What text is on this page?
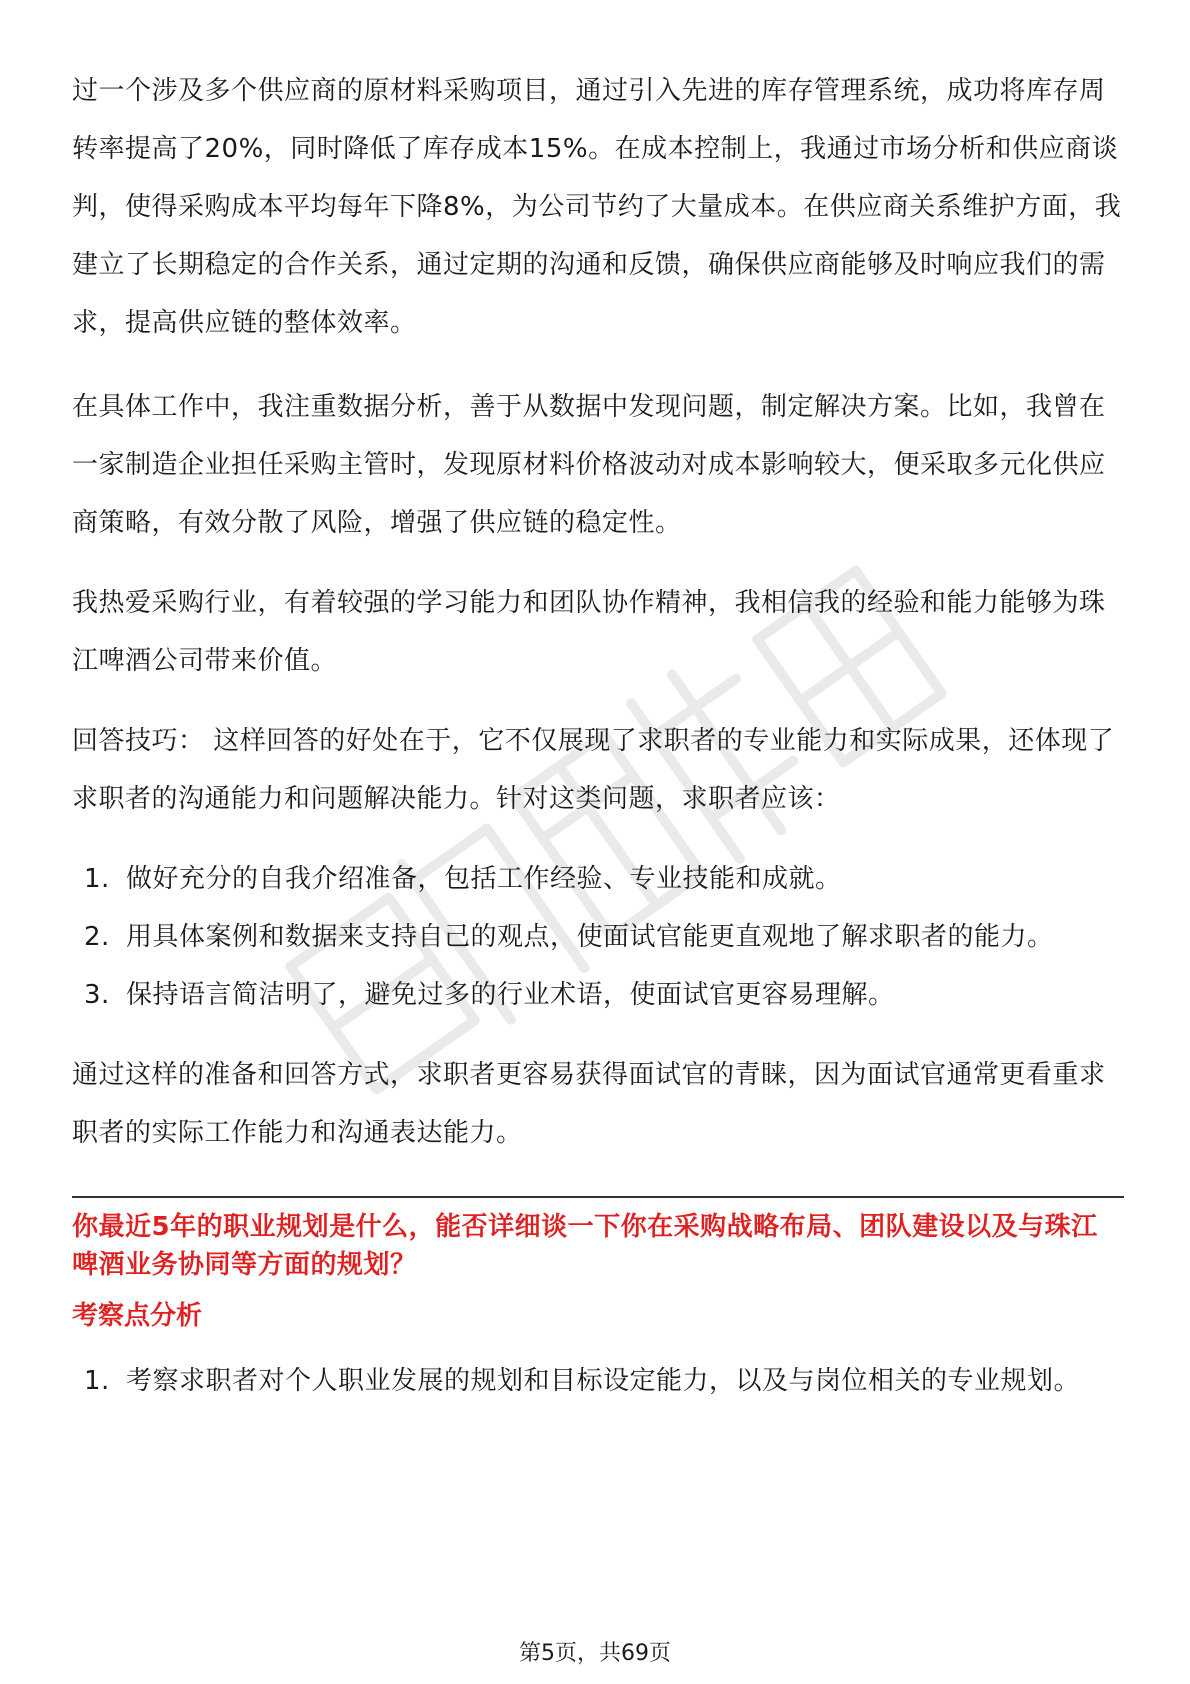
过一个涉及多个供应商的原材料采购项目，通过引入先进的库存管理系统，成功将库存周转率提高了20%，同时降低了库存成本15%。在成本控制上，我通过市场分析和供应商谈判，使得采购成本平均每年下降8%，为公司节约了大量成本。在供应商关系维护方面，我建立了长期稳定的合作关系，通过定期的沟通和反馈，确保供应商能够及时响应我们的需求，提高供应链的整体效率。

在具体工作中，我注重数据分析，善于从数据中发现问题，制定解决方案。比如，我曾在一家制造企业担任采购主管时，发现原材料价格波动对成本影响较大，便采取多元化供应商策略，有效分散了风险，增强了供应链的稳定性。

我热爱采购行业，有着较强的学习能力和团队协作精神，我相信我的经验和能力能够为珠江啤酒公司带来价值。

回答技巧： 这样回答的好处在于，它不仅展现了求职者的专业能力和实际成果，还体现了求职者的沟通能力和问题解决能力。针对这类问题，求职者应该：

1. 做好充分的自我介绍准备，包括工作经验、专业技能和成就。
2. 用具体案例和数据来支持自己的观点，使面试官能更直观地了解求职者的能力。
3. 保持语言简洁明了，避免过多的行业术语，使面试官更容易理解。

通过这样的准备和回答方式，求职者更容易获得面试官的青睐，因为面试官通常更看重求职者的实际工作能力和沟通表达能力。

你最近5年的职业规划是什么，能否详细谈一下你在采购战略布局、团队建设以及与珠江啤酒业务协同等方面的规划？
考察点分析
1. 考察求职者对个人职业发展的规划和目标设定能力，以及与岗位相关的专业规划。
第5页，共69页
